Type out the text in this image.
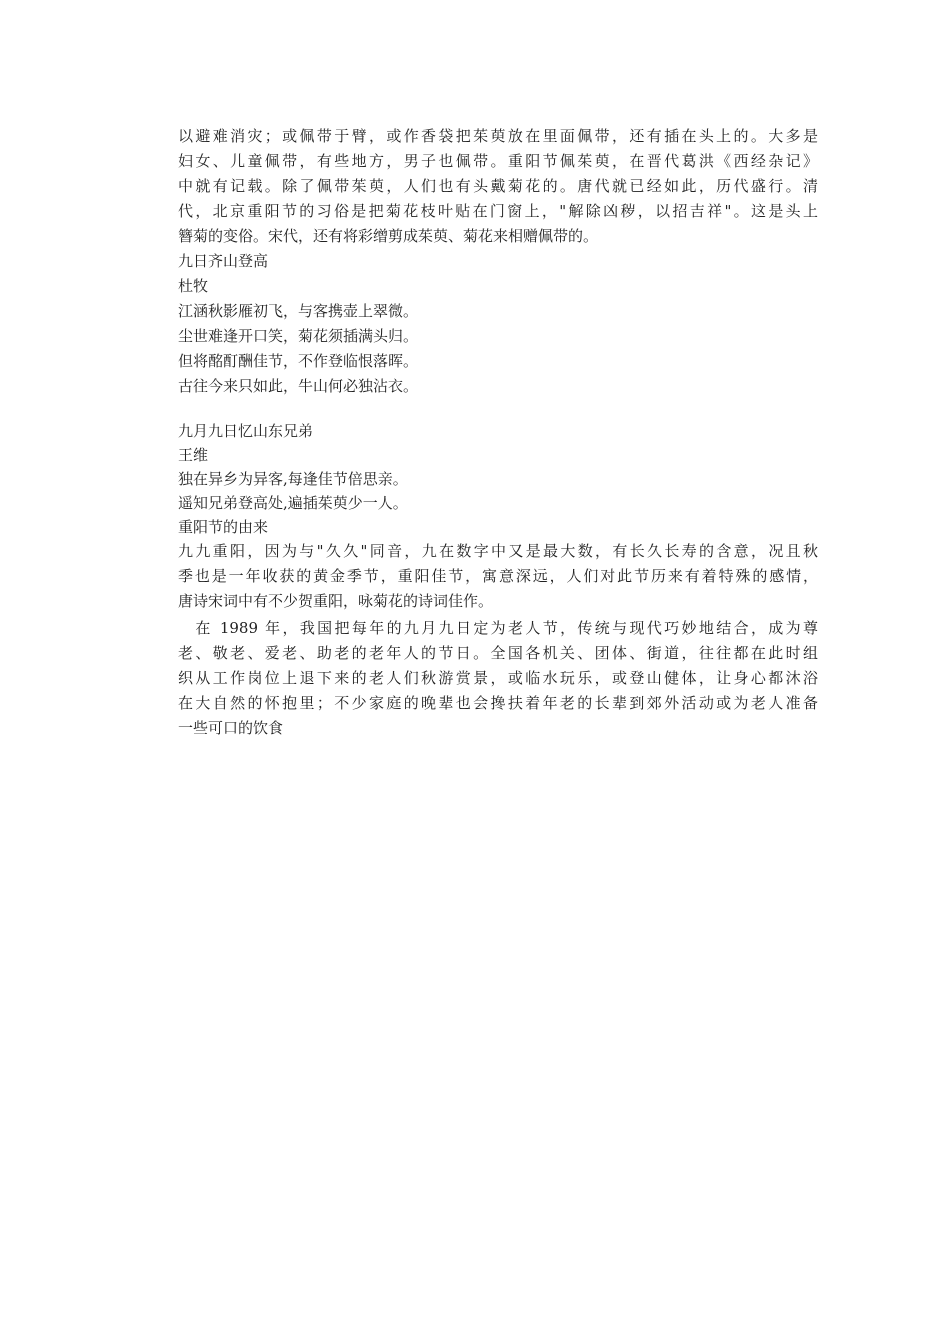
以避难消灾；或佩带于臂，或作香袋把茱萸放在里面佩带，还有插在头上的。大多是
妇女、儿童佩带，有些地方，男子也佩带。重阳节佩茱萸，在晋代葛洪《西经杂记》
中就有记载。除了佩带茱萸，人们也有头戴菊花的。唐代就已经如此，历代盛行。清
代，北京重阳节的习俗是把菊花枝叶贴在门窗上，"解除凶秽，以招吉祥"。这是头上
簪菊的变俗。宋代，还有将彩缯剪成茱萸、菊花来相赠佩带的。
九日齐山登高
杜牧
江涵秋影雁初飞，与客携壶上翠微。
尘世难逢开口笑，菊花须插满头归。
但将酩酊酬佳节，不作登临恨落晖。
古往今来只如此，牛山何必独沾衣。
九月九日忆山东兄弟
王维
独在异乡为异客,每逢佳节倍思亲。
遥知兄弟登高处,遍插茱萸少一人。
重阳节的由来
九九重阳，因为与"久久"同音，九在数字中又是最大数，有长久长寿的含意，况且秋
季也是一年收获的黄金季节，重阳佳节，寓意深远，人们对此节历来有着特殊的感情，
唐诗宋词中有不少贺重阳，咏菊花的诗词佳作。
　在 1989 年，我国把每年的九月九日定为老人节，传统与现代巧妙地结合，成为尊
老、敬老、爱老、助老的老年人的节日。全国各机关、团体、街道，往往都在此时组
织从工作岗位上退下来的老人们秋游赏景，或临水玩乐，或登山健体，让身心都沐浴
在大自然的怀抱里；不少家庭的晚辈也会搀扶着年老的长辈到郊外活动或为老人准备
一些可口的饮食
